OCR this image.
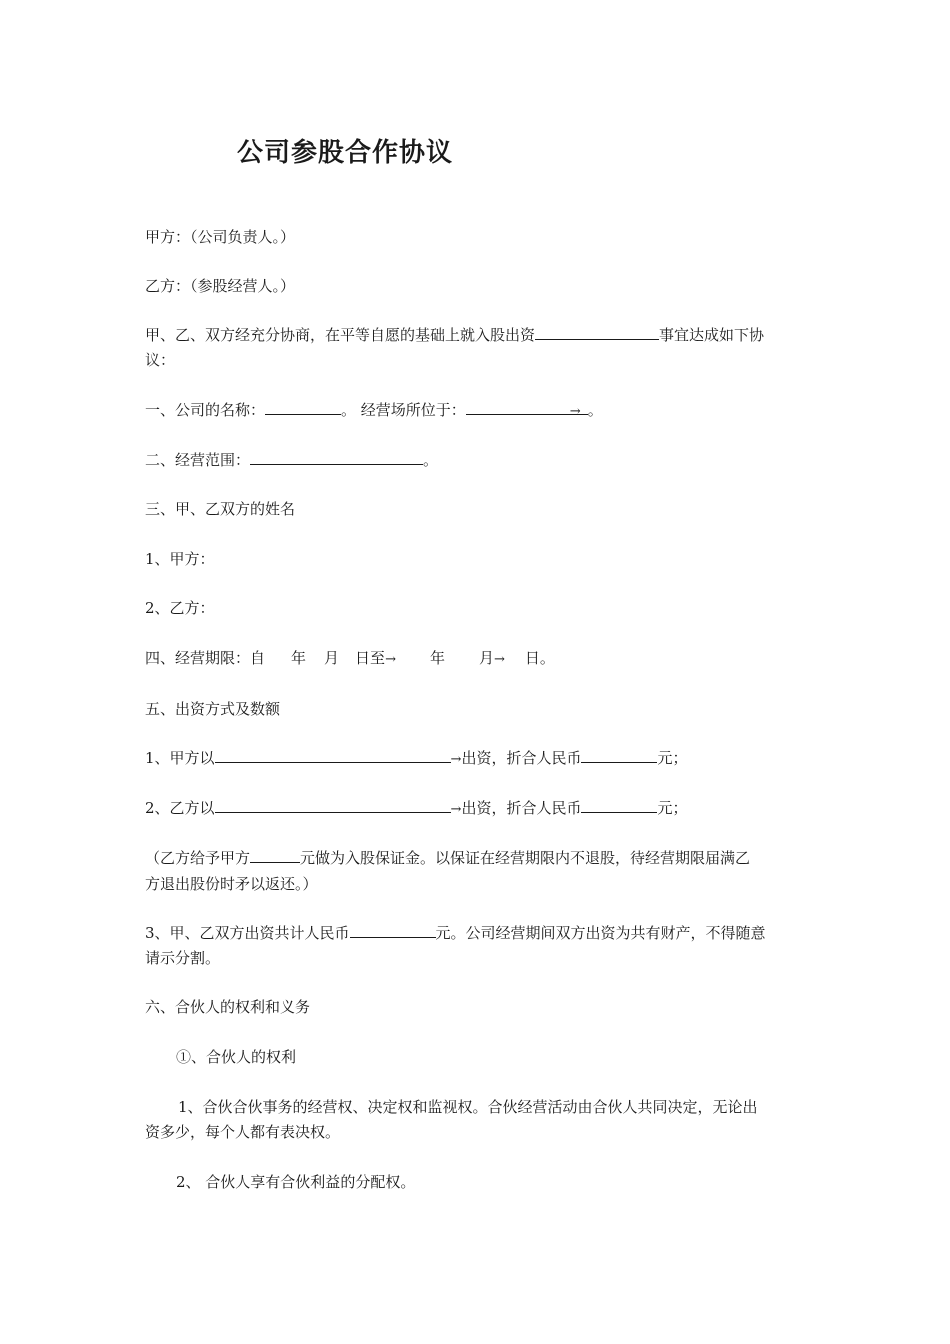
公司参股合作协议
甲方：（公司负责人。）
乙方：（参股经营人。）
甲、乙、双方经充分协商，在平等自愿的基础上就入股出资	事宜达成如下协
议：
一、公司的名称：	。 经营场所位于：	→ 。
二、经营范围：	。
三、甲、乙双方的姓名
1、甲方：
2、乙方：
四、经营期限：自 年 月 日至→ 年 月→ 日。
五、出资方式及数额
1、甲方以	→出资，折合人民币	元；
2、乙方以	→出资，折合人民币	元；
（乙方给予甲方	元做为入股保证金。以保证在经营期限内不退股，待经营期限届满乙
方退出股份时矛以返还。）
3、甲、乙双方出资共计人民币	元。公司经营期间双方出资为共有财产，不得随意
请示分割。
六、合伙人的权利和义务
①、合伙人的权利
1、合伙合伙事务的经营权、决定权和监视权。合伙经营活动由合伙人共同决定，无论出
资多少，每个人都有表决权。
2、 合伙人享有合伙利益的分配权。
